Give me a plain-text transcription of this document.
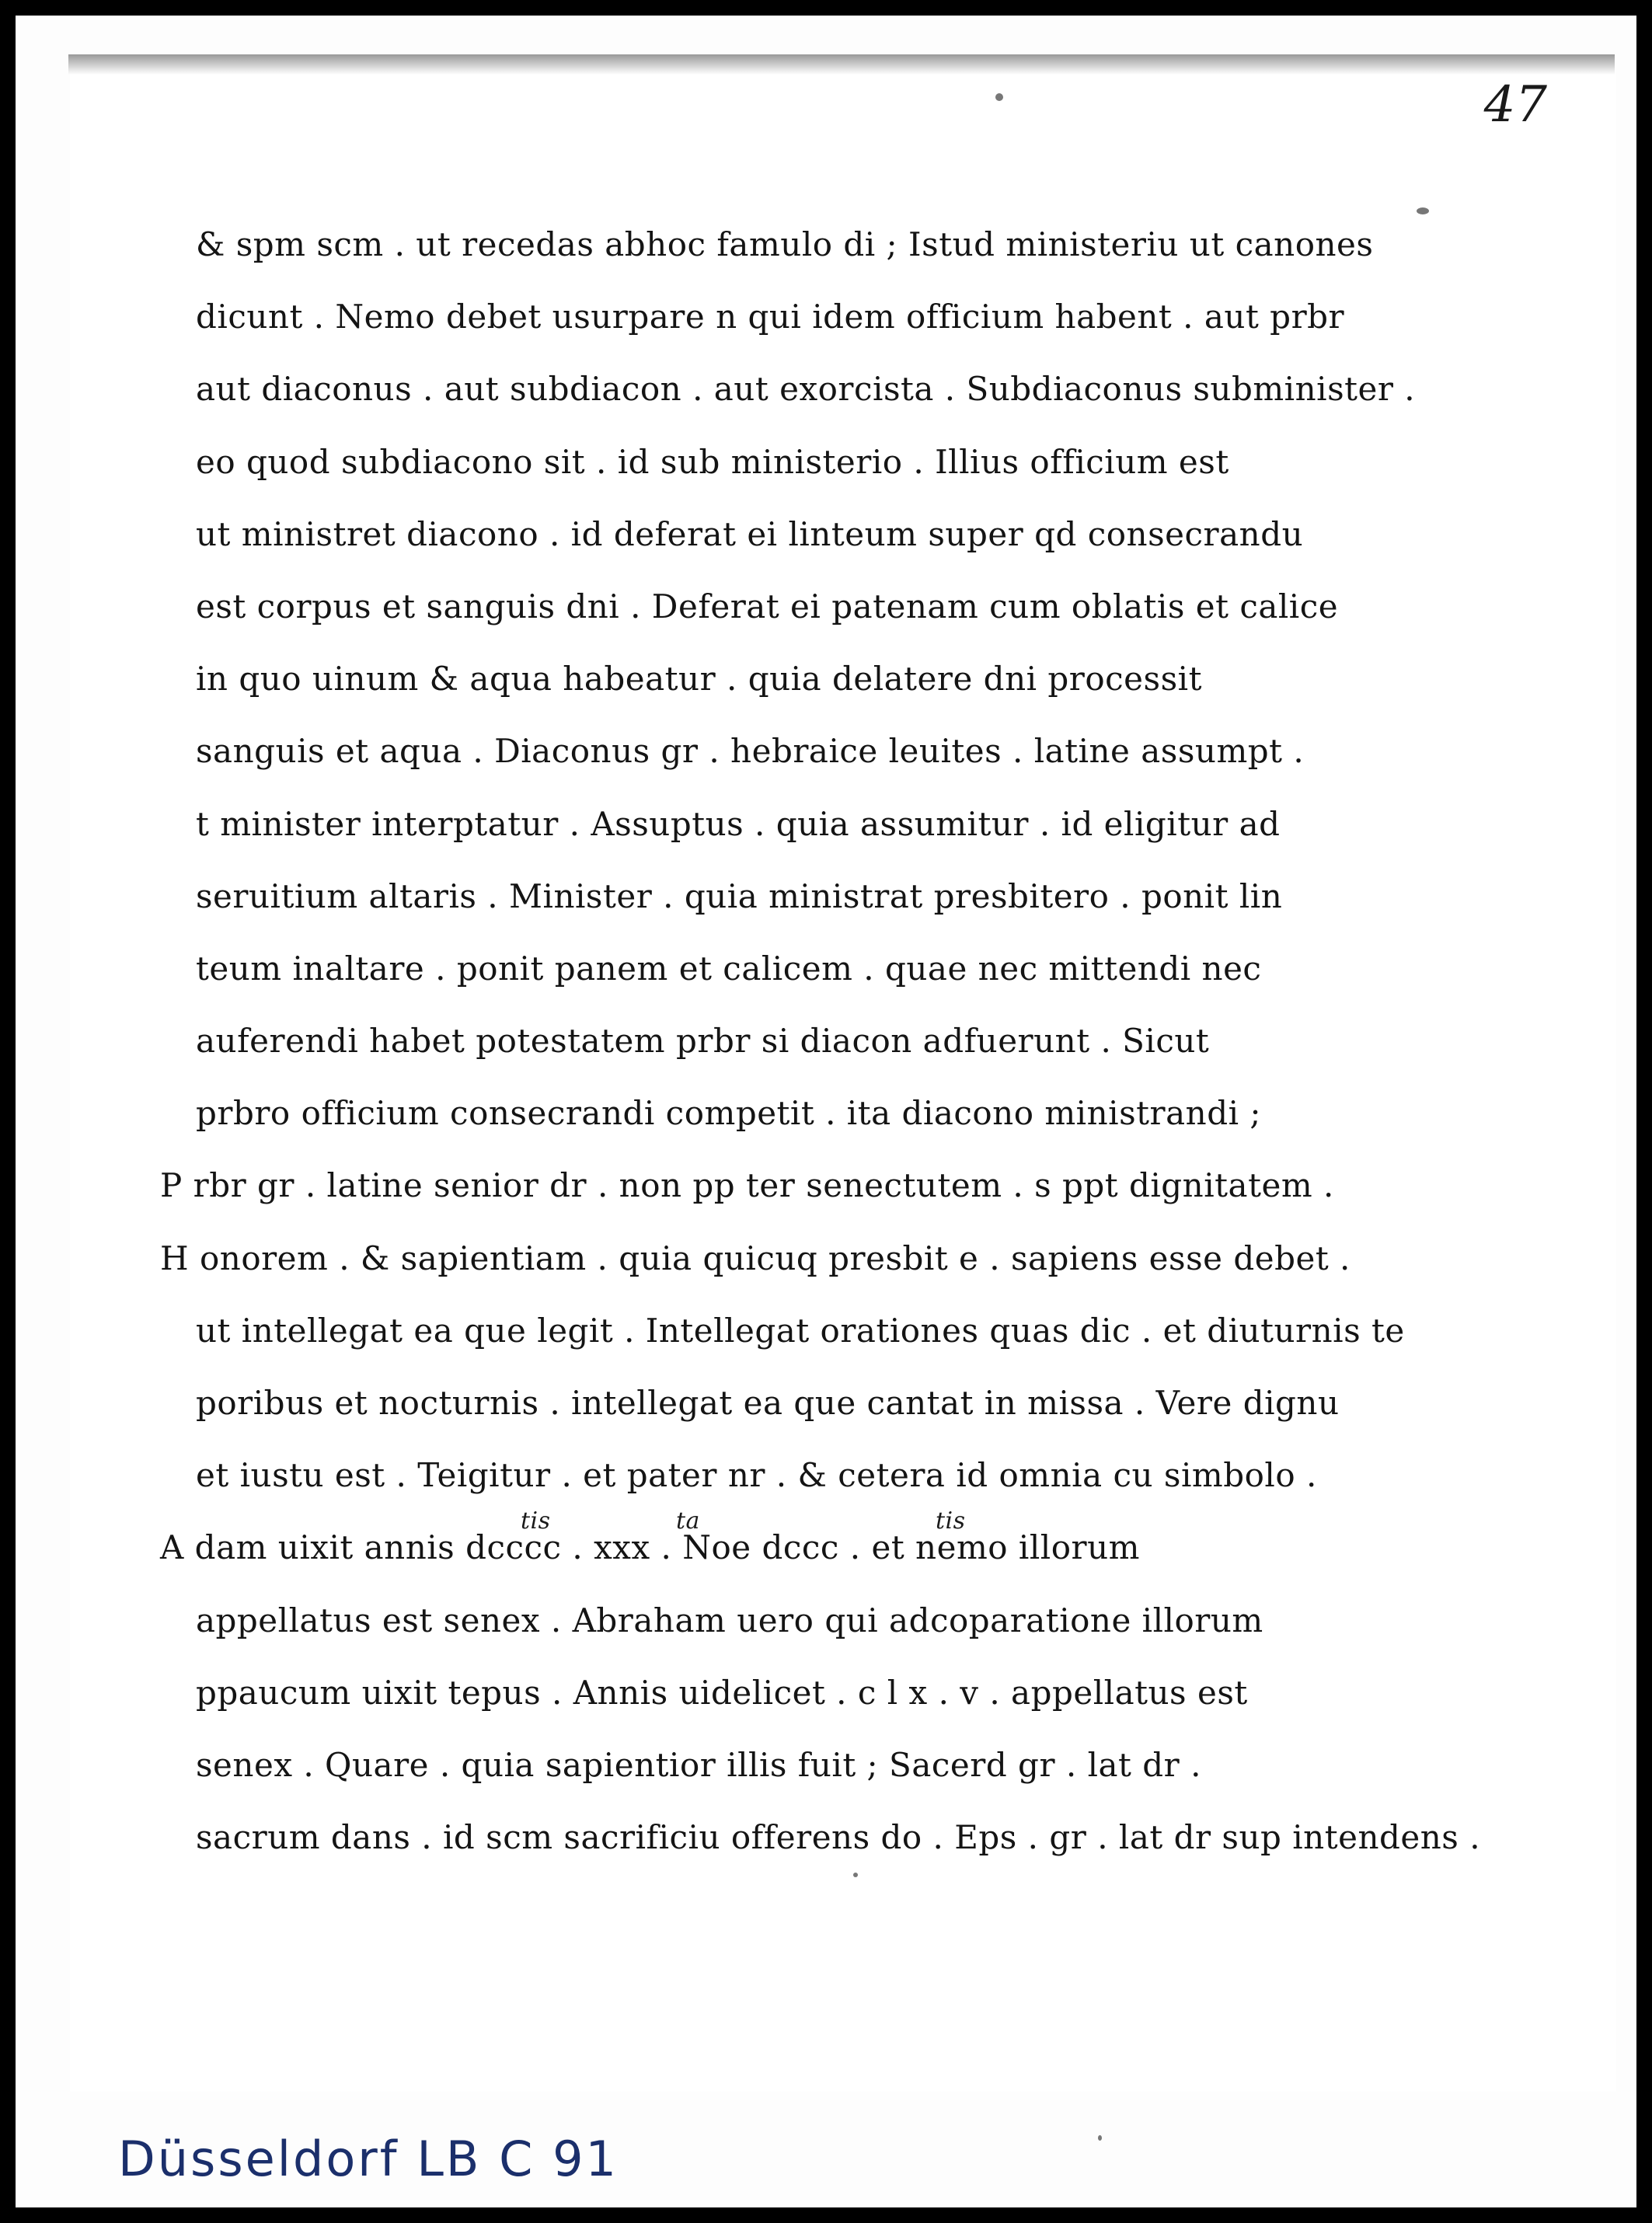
47
& spm scm . ut recedas abhoc famulo di ; Istud ministeriu ut canones
dicunt . Nemo debet usurpare n qui idem officium habent . aut prbr
aut diaconus . aut subdiacon . aut exorcista . Subdiaconus subminister .
eo quod subdiacono sit . id sub ministerio . Illius officium est
ut ministret diacono . id deferat ei linteum super qd consecrandu
est corpus et sanguis dni . Deferat ei patenam cum oblatis et calice
in quo uinum & aqua habeatur . quia delatere dni processit
sanguis et aqua . Diaconus gr . hebraice leuites . latine assumpt .
t minister interptatur . Assuptus . quia assumitur . id eligitur ad
seruitium altaris . Minister . quia ministrat presbitero . ponit lin
teum inaltare . ponit panem et calicem . quae nec mittendi nec
auferendi habet potestatem prbr si diacon adfuerunt . Sicut
prbro officium consecrandi competit . ita diacono ministrandi ;
P rbr gr . latine senior dr . non pp ter senectutem . s ppt dignitatem .
H onorem . & sapientiam . quia quicuq presbit e . sapiens esse debet .
ut intellegat ea que legit . Intellegat orationes quas dic . et diuturnis te
poribus et nocturnis . intellegat ea que cantat in missa . Vere dignu
et iustu est . Teigitur . et pater nr . & cetera id omnia cu simbolo .
tis	ta	tis
A dam uixit annis dcccc . xxx . Noe dccc . et nemo illorum
appellatus est senex . Abraham uero qui adcoparatione illorum
ppaucum uixit tepus . Annis uidelicet . c l x . v . appellatus est
senex . Quare . quia sapientior illis fuit ; Sacerd gr . lat dr .
sacrum dans . id scm sacrificiu offerens do . Eps . gr . lat dr sup intendens .
Düsseldorf LB C 91
